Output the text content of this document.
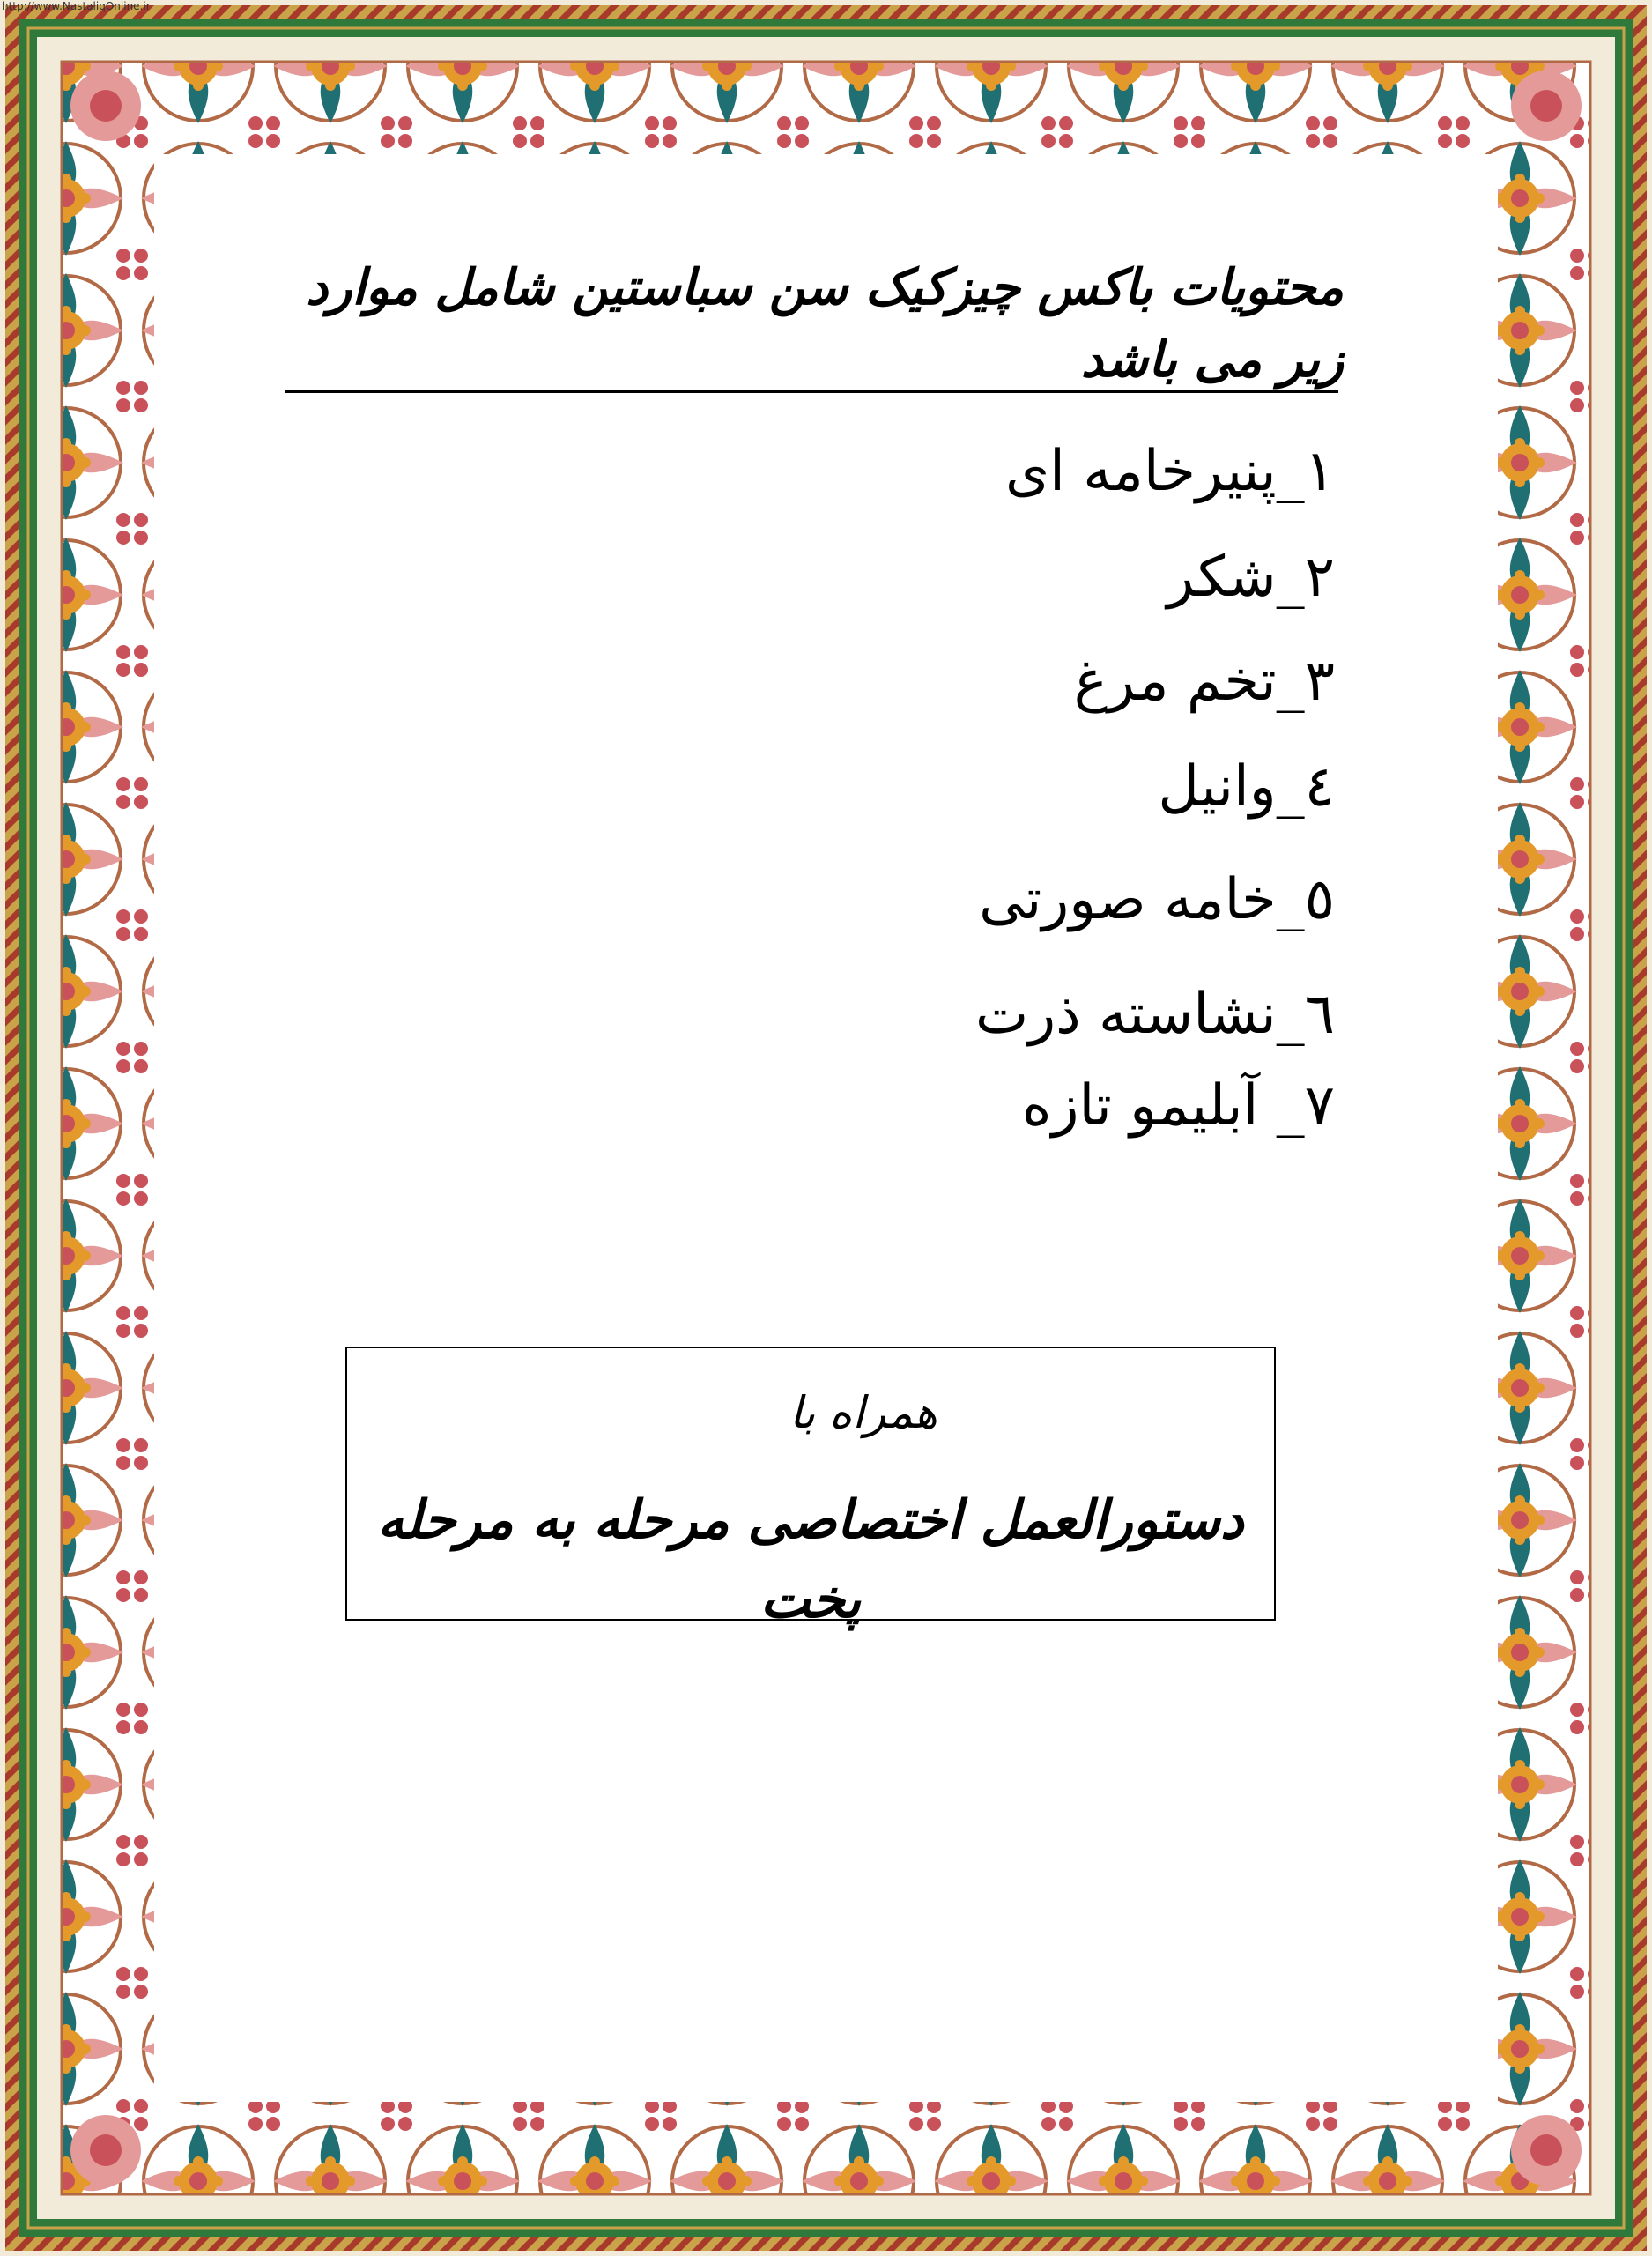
http://www.NastaliqOnline.ir
محتویات باکس چیزکیک سن سباستین شامل موارد زیر می باشد
۱_پنیرخامه ای
۲_شکر
۳_تخم مرغ
٤_وانیل
٥_خامه صورتی
٦_نشاسته ذرت
٧_ آبلیمو تازه
همراه با
دستورالعمل اختصاصی مرحله به مرحله پخت
